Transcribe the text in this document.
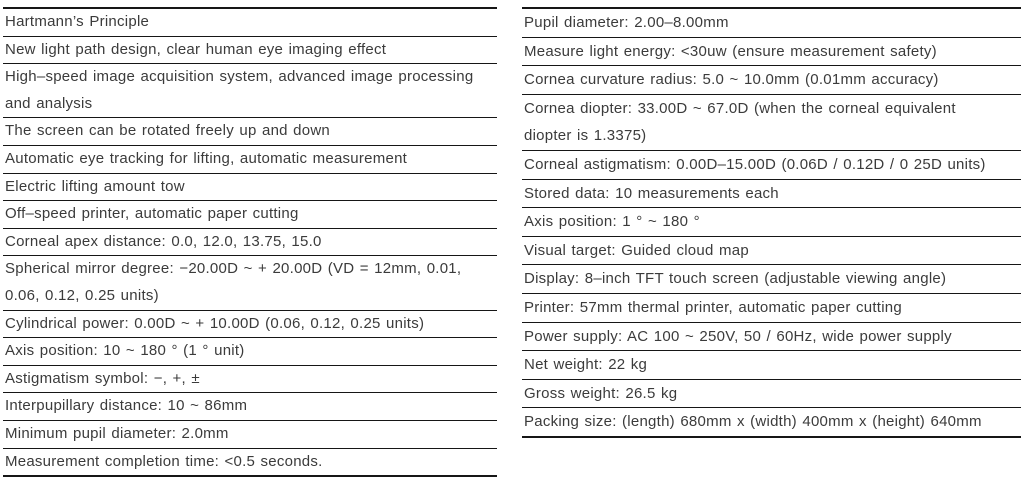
Hartmann’s Principle
New light path design, clear human eye imaging effect
High–speed image acquisition system, advanced image processing
and analysis
The screen can be rotated freely up and down
Automatic eye tracking for lifting, automatic measurement
Electric lifting amount tow
Off–speed printer, automatic paper cutting
Corneal apex distance: 0.0, 12.0, 13.75, 15.0
Spherical mirror degree: −20.00D ~ + 20.00D (VD = 12mm, 0.01,
0.06, 0.12, 0.25 units)
Cylindrical power: 0.00D ~ + 10.00D (0.06, 0.12, 0.25 units)
Axis position: 10 ~ 180 ° (1 ° unit)
Astigmatism symbol: −, +, ±
Interpupillary distance: 10 ~ 86mm
Minimum pupil diameter: 2.0mm
Measurement completion time: <0.5 seconds.
Pupil diameter: 2.00–8.00mm
Measure light energy: <30uw (ensure measurement safety)
Cornea curvature radius: 5.0 ~ 10.0mm (0.01mm accuracy)
Cornea diopter: 33.00D ~ 67.0D (when the corneal equivalent
diopter is 1.3375)
Corneal astigmatism: 0.00D–15.00D (0.06D / 0.12D / 0 25D units)
Stored data: 10 measurements each
Axis position: 1 ° ~ 180 °
Visual target: Guided cloud map
Display: 8–inch TFT touch screen (adjustable viewing angle)
Printer: 57mm thermal printer, automatic paper cutting
Power supply: AC 100 ~ 250V, 50 / 60Hz, wide power supply
Net weight: 22 kg
Gross weight: 26.5 kg
Packing size: (length) 680mm x (width) 400mm x (height) 640mm
